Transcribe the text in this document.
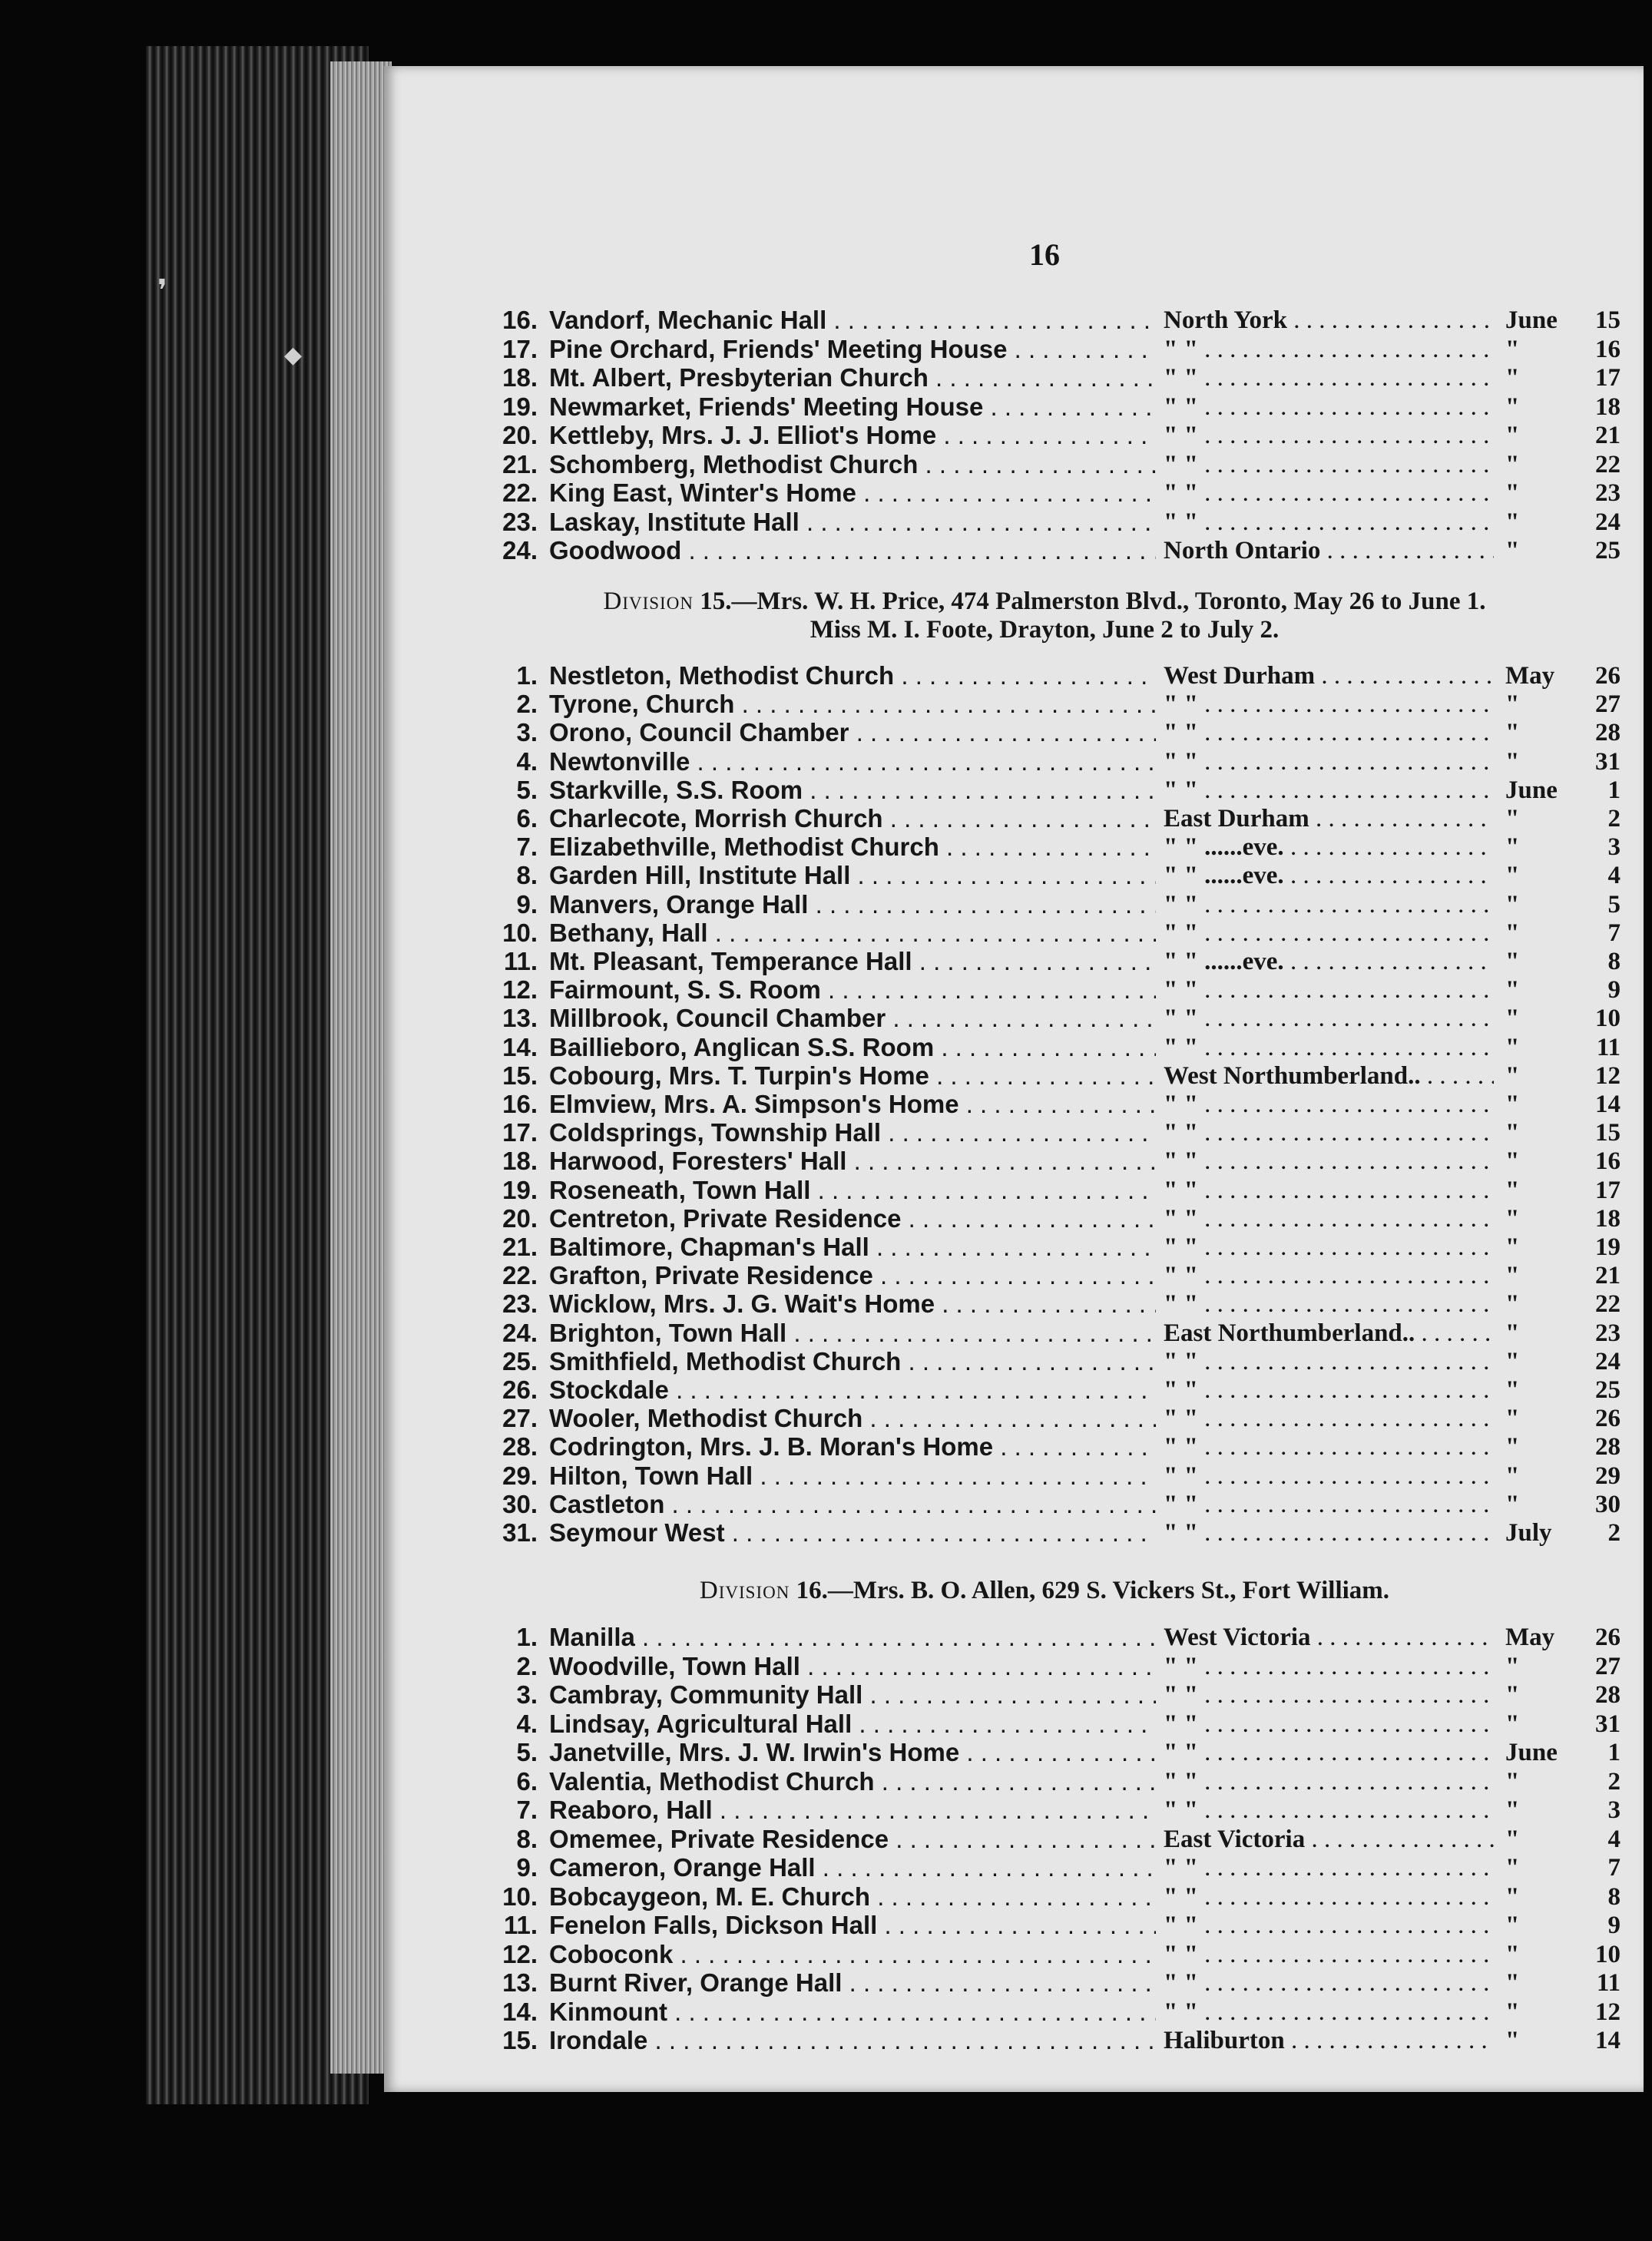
❜
◆
16
Division 15.—Mrs. W. H. Price, 474 Palmerston Blvd., Toronto, May 26 to June 1.
Miss M. I. Foote, Drayton, June 2 to July 2.
Division 16.—Mrs. B. O. Allen, 629 S. Vickers St., Fort William.
16. Vandorf, Mechanic Hall . . .	North York . . .	June	15
17. Pine Orchard, Friends' Meeting House . . .	" " . . .	"	16
18. Mt. Albert, Presbyterian Church . . .	" " . . .	"	17
19. Newmarket, Friends' Meeting House . . .	" " . . .	"	18
20. Kettleby, Mrs. J. J. Elliot's Home . . .	" " . . .	"	21
21. Schomberg, Methodist Church . . .	" " . . .	"	22
22. King East, Winter's Home . . .	" " . . .	"	23
23. Laskay, Institute Hall . . .	" " . . .	"	24
24. Goodwood . . .	North Ontario . . .	"	25
1. Nestleton, Methodist Church . . .	West Durham . . .	May	26
2. Tyrone, Church . . .	" " . . .	"	27
3. Orono, Council Chamber . . .	" " . . .	"	28
4. Newtonville . . .	" " . . .	"	31
5. Starkville, S.S. Room . . .	" " . . .	June	1
6. Charlecote, Morrish Church . . .	East Durham . . .	"	2
7. Elizabethville, Methodist Church . . .	" " ......eve. . . .	"	3
8. Garden Hill, Institute Hall . . .	" " ......eve. . . .	"	4
9. Manvers, Orange Hall . . .	" " . . .	"	5
10. Bethany, Hall . . .	" " . . .	"	7
11. Mt. Pleasant, Temperance Hall . . .	" " ......eve. . . .	"	8
12. Fairmount, S. S. Room . . .	" " . . .	"	9
13. Millbrook, Council Chamber . . .	" " . . .	"	10
14. Baillieboro, Anglican S.S. Room . . .	" " . . .	"	11
15. Cobourg, Mrs. T. Turpin's Home . . .	West Northumberland.. . . .	"	12
16. Elmview, Mrs. A. Simpson's Home . . .	" " . . .	"	14
17. Coldsprings, Township Hall . . .	" " . . .	"	15
18. Harwood, Foresters' Hall . . .	" " . . .	"	16
19. Roseneath, Town Hall . . .	" " . . .	"	17
20. Centreton, Private Residence . . .	" " . . .	"	18
21. Baltimore, Chapman's Hall . . .	" " . . .	"	19
22. Grafton, Private Residence . . .	" " . . .	"	21
23. Wicklow, Mrs. J. G. Wait's Home . . .	" " . . .	"	22
24. Brighton, Town Hall . . .	East Northumberland.. . . .	"	23
25. Smithfield, Methodist Church . . .	" " . . .	"	24
26. Stockdale . . .	" " . . .	"	25
27. Wooler, Methodist Church . . .	" " . . .	"	26
28. Codrington, Mrs. J. B. Moran's Home . . .	" " . . .	"	28
29. Hilton, Town Hall . . .	" " . . .	"	29
30. Castleton . . .	" " . . .	"	30
31. Seymour West . . .	" " . . .	July	2
1. Manilla . . .	West Victoria . . .	May	26
2. Woodville, Town Hall . . .	" " . . .	"	27
3. Cambray, Community Hall . . .	" " . . .	"	28
4. Lindsay, Agricultural Hall . . .	" " . . .	"	31
5. Janetville, Mrs. J. W. Irwin's Home . . .	" " . . .	June	1
6. Valentia, Methodist Church . . .	" " . . .	"	2
7. Reaboro, Hall . . .	" " . . .	"	3
8. Omemee, Private Residence . . .	East Victoria . . .	"	4
9. Cameron, Orange Hall . . .	" " . . .	"	7
10. Bobcaygeon, M. E. Church . . .	" " . . .	"	8
11. Fenelon Falls, Dickson Hall . . .	" " . . .	"	9
12. Coboconk . . .	" " . . .	"	10
13. Burnt River, Orange Hall . . .	" " . . .	"	11
14. Kinmount . . .	" " . . .	"	12
15. Irondale . . .	Haliburton . . .	"	14
